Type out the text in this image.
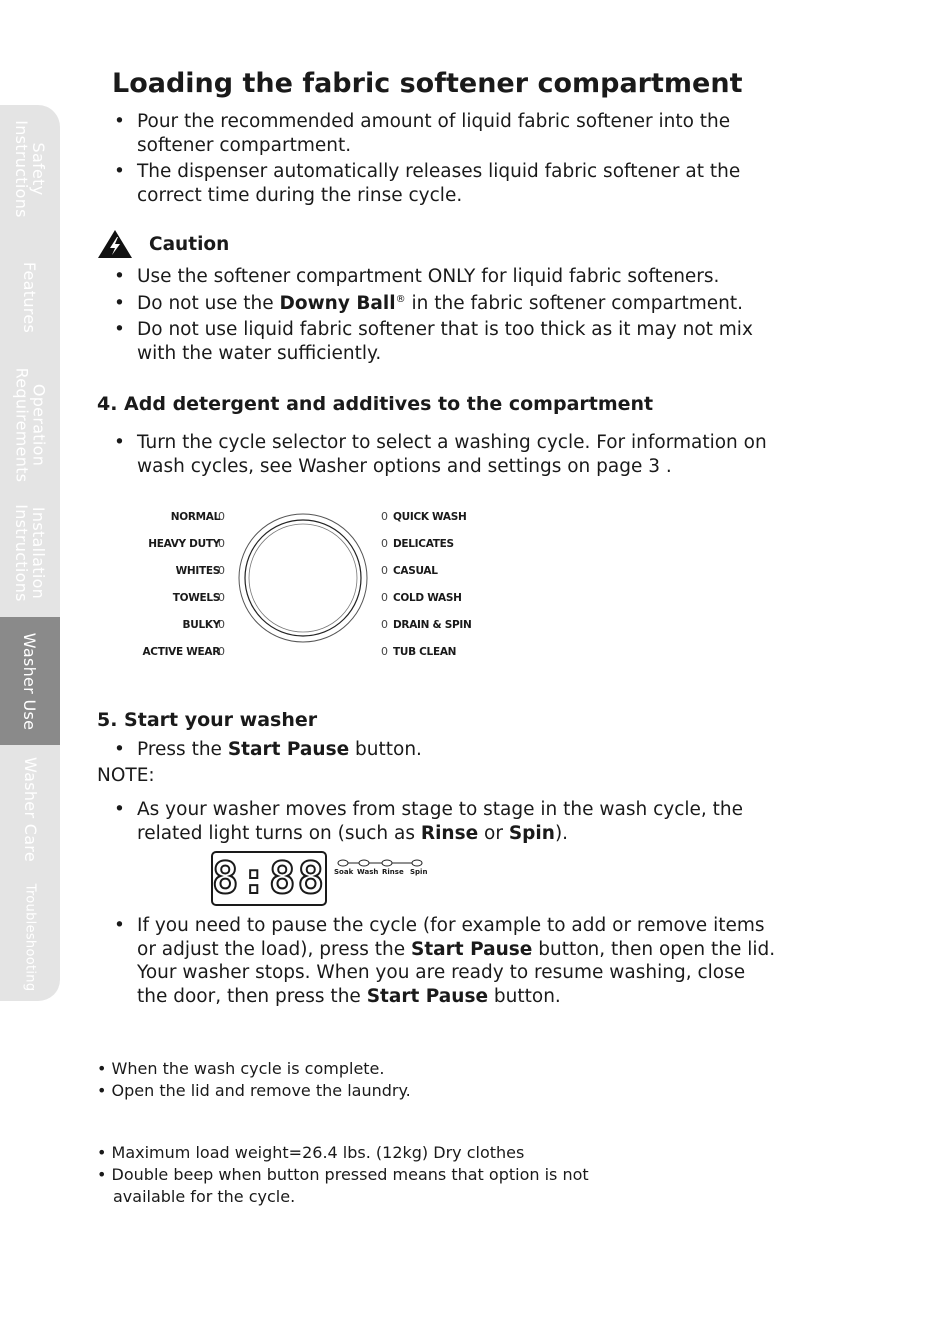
Safety
Instructions
Features
Operation
Requirements
Installation
Instructions
Washer Use
Washer Care
Troubleshooting
Loading the fabric softener compartment
• Pour the recommended amount of liquid fabric softener into the
softener compartment.
• The dispenser automatically releases liquid fabric softener at the
correct time during the rinse cycle.
Caution
• Use the softener compartment ONLY for liquid fabric softeners.
• Do not use the Downy Ball® in the fabric softener compartment.
• Do not use liquid fabric softener that is too thick as it may not mix
with the water sufficiently.
4. Add detergent and additives to the compartment
• Turn the cycle selector to select a washing cycle. For information on
wash cycles, see Washer options and settings on page 3 .
NORMAL
HEAVY DUTY
WHITES
TOWELS
BULKY
ACTIVE WEAR
0
0
0
0
0
0
0
0
0
0
0
0
QUICK WASH
DELICATES
CASUAL
COLD WASH
DRAIN & SPIN
TUB CLEAN
5. Start your washer
• Press the Start Pause button.
NOTE:
• As your washer moves from stage to stage in the wash cycle, the
related light turns on (such as Rinse or Spin).
8:88 Soak Wash Rinse Spin
• If you need to pause the cycle (for example to add or remove items
or adjust the load), press the Start Pause button, then open the lid.
Your washer stops. When you are ready to resume washing, close
the door, then press the Start Pause button.
• When the wash cycle is complete.
• Open the lid and remove the laundry.
• Maximum load weight=26.4 lbs. (12kg) Dry clothes
• Double beep when button pressed means that option is not
available for the cycle.
